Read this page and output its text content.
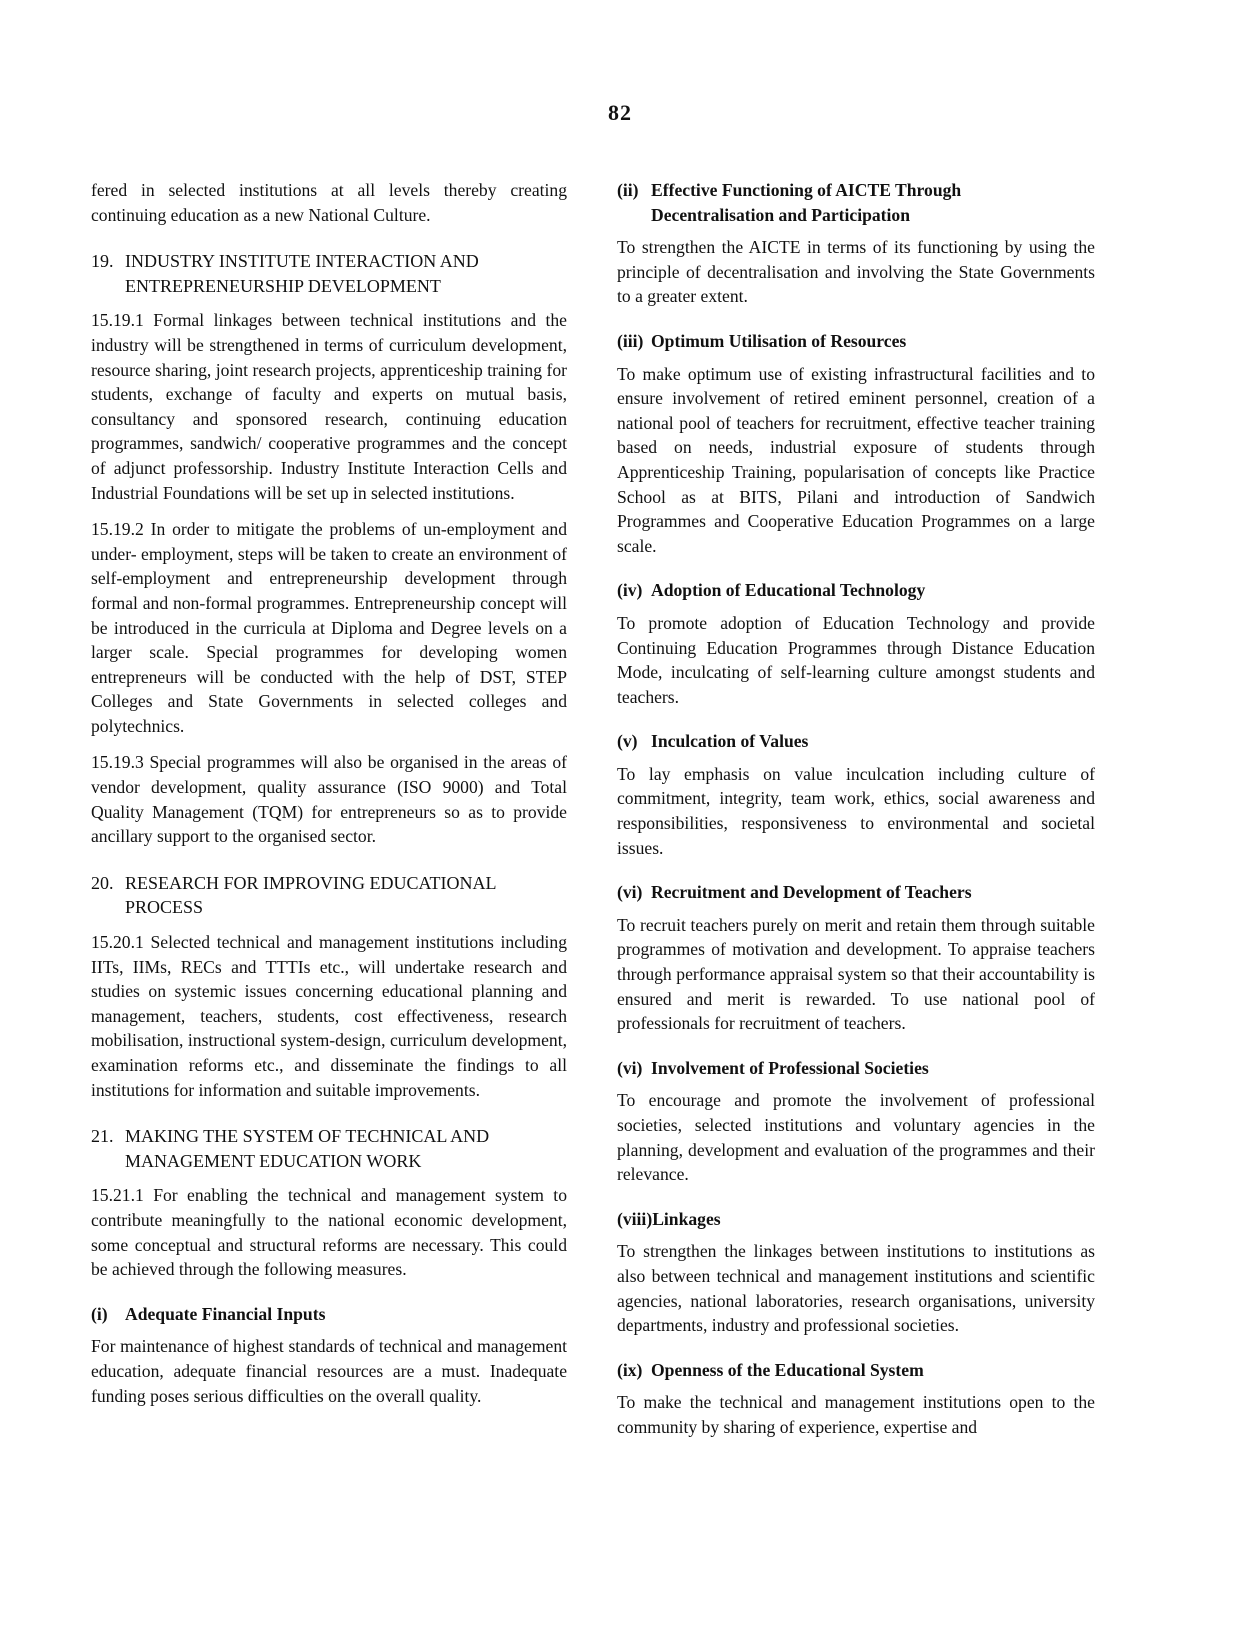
82

fered in selected institutions at all levels thereby creating continuing education as a new National Culture.

19. INDUSTRY INSTITUTE INTERACTION AND
ENTREPRENEURSHIP DEVELOPMENT

15.19.1 Formal linkages between technical institutions and the industry will be strengthened in terms of curriculum development, resource sharing, joint research projects, apprenticeship training for students, exchange of faculty and experts on mutual basis, consultancy and sponsored research, continuing education programmes, sandwich/ cooperative programmes and the concept of adjunct professorship. Industry Institute Interaction Cells and Industrial Foundations will be set up in selected institutions.

15.19.2 In order to mitigate the problems of un-employment and under- employment, steps will be taken to create an environment of self-employment and entrepreneurship development through formal and non-formal programmes. Entrepreneurship concept will be introduced in the curricula at Diploma and Degree levels on a larger scale. Special programmes for developing women entrepreneurs will be conducted with the help of DST, STEP Colleges and State Governments in selected colleges and polytechnics.

15.19.3 Special programmes will also be organised in the areas of vendor development, quality assurance (ISO 9000) and Total Quality Management (TQM) for entrepreneurs so as to provide ancillary support to the organised sector.

20. RESEARCH FOR IMPROVING EDUCATIONAL
PROCESS

15.20.1 Selected technical and management institutions including IITs, IIMs, RECs and TTTIs etc., will undertake research and studies on systemic issues concerning educational planning and management, teachers, students, cost effectiveness, research mobilisation, instructional system-design, curriculum development, examination reforms etc., and disseminate the findings to all institutions for information and suitable improvements.

21. MAKING THE SYSTEM OF TECHNICAL AND
MANAGEMENT EDUCATION WORK

15.21.1 For enabling the technical and management system to contribute meaningfully to the national economic development, some conceptual and structural reforms are necessary. This could be achieved through the following measures.

(i) Adequate Financial Inputs

For maintenance of highest standards of technical and management education, adequate financial resources are a must. Inadequate funding poses serious difficulties on the overall quality.

(ii) Effective Functioning of AICTE Through
Decentralisation and Participation

To strengthen the AICTE in terms of its functioning by using the principle of decentralisation and involving the State Governments to a greater extent.

(iii) Optimum Utilisation of Resources

To make optimum use of existing infrastructural facilities and to ensure involvement of retired eminent personnel, creation of a national pool of teachers for recruitment, effective teacher training based on needs, industrial exposure of students through Apprenticeship Training, popularisation of concepts like Practice School as at BITS, Pilani and introduction of Sandwich Programmes and Cooperative Education Programmes on a large scale.

(iv) Adoption of Educational Technology

To promote adoption of Education Technology and provide Continuing Education Programmes through Distance Education Mode, inculcating of self-learning culture amongst students and teachers.

(v) Inculcation of Values

To lay emphasis on value inculcation including culture of commitment, integrity, team work, ethics, social awareness and responsibilities, responsiveness to environmental and societal issues.

(vi) Recruitment and Development of Teachers

To recruit teachers purely on merit and retain them through suitable programmes of motivation and development. To appraise teachers through performance appraisal system so that their accountability is ensured and merit is rewarded. To use national pool of professionals for recruitment of teachers.

(vi) Involvement of Professional Societies

To encourage and promote the involvement of professional societies, selected institutions and voluntary agencies in the planning, development and evaluation of the programmes and their relevance.

(viii)Linkages

To strengthen the linkages between institutions to institutions as also between technical and management institutions and scientific agencies, national laboratories, research organisations, university departments, industry and professional societies.

(ix) Openness of the Educational System

To make the technical and management institutions open to the community by sharing of experience, expertise and
